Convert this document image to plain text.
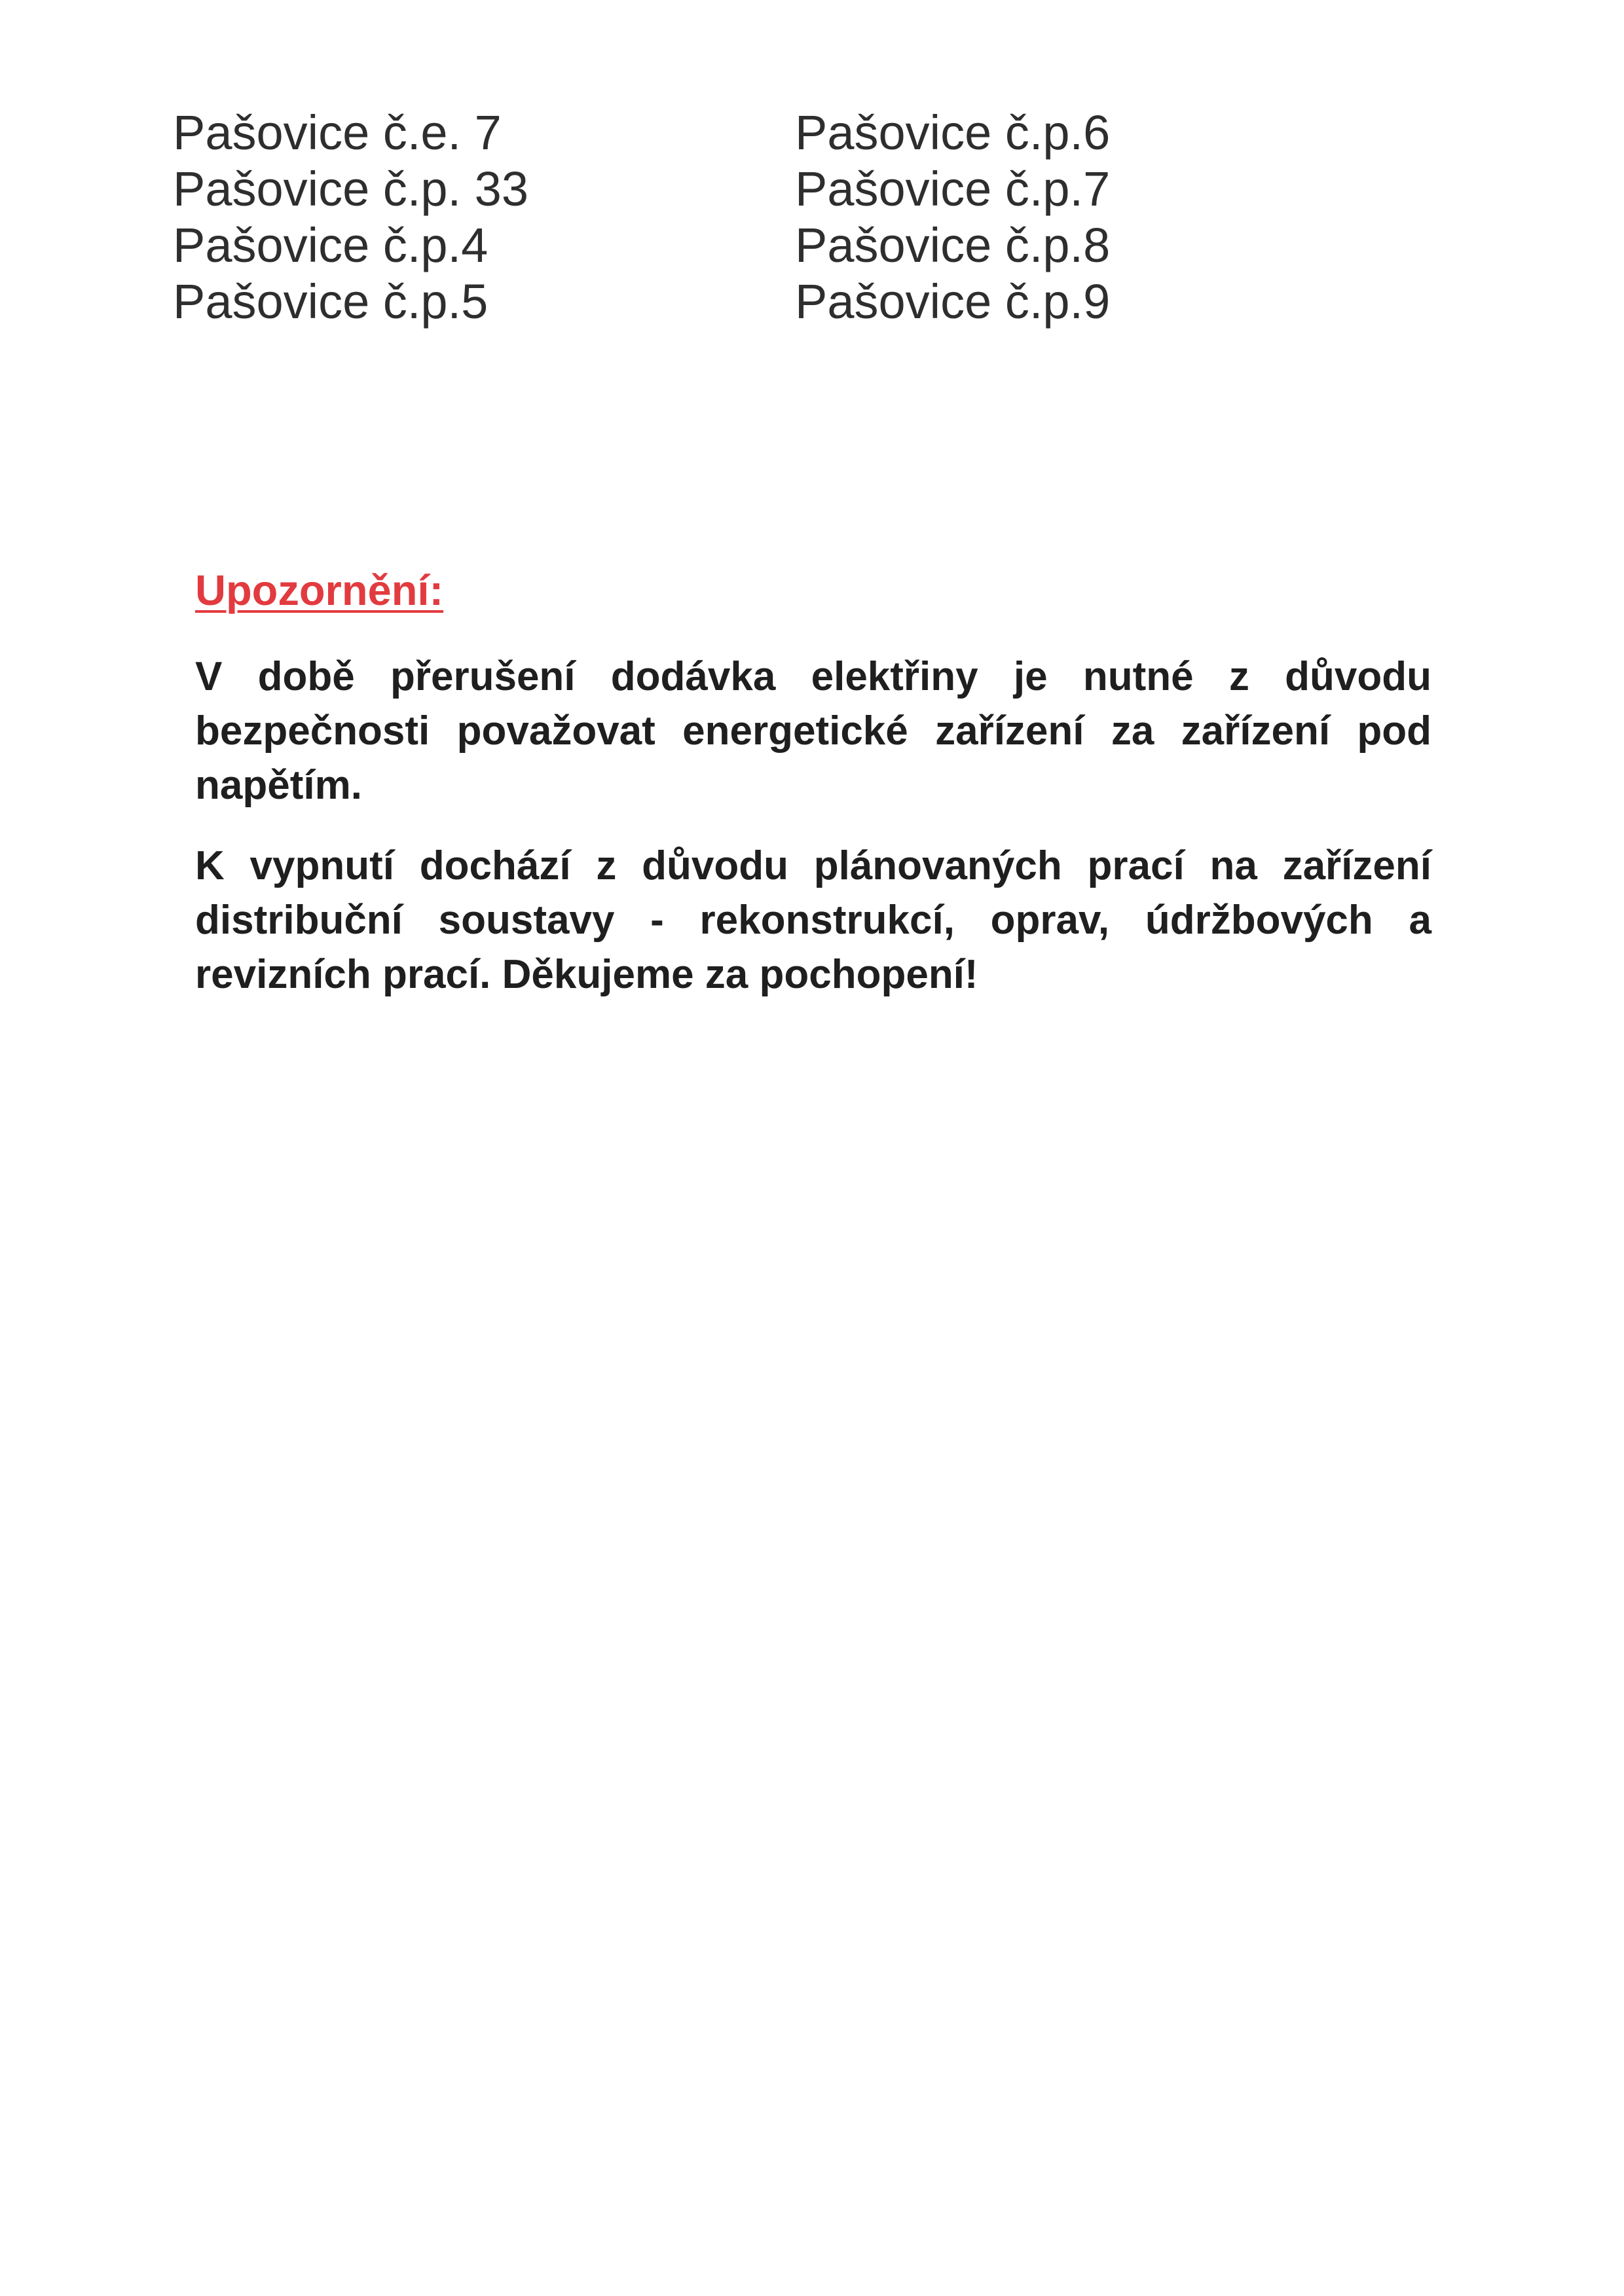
Pašovice č.e. 7
Pašovice č.p. 33
Pašovice č.p.4
Pašovice č.p.5
Pašovice č.p.6
Pašovice č.p.7
Pašovice č.p.8
Pašovice č.p.9
Upozornění:

V době přerušení dodávka elektřiny je nutné z důvodu bezpečnosti považovat energetické zařízení za zařízení pod napětím.

K vypnutí dochází z důvodu plánovaných prací na zařízení distribuční soustavy - rekonstrukcí, oprav, údržbových a revizních prací. Děkujeme za pochopení!
